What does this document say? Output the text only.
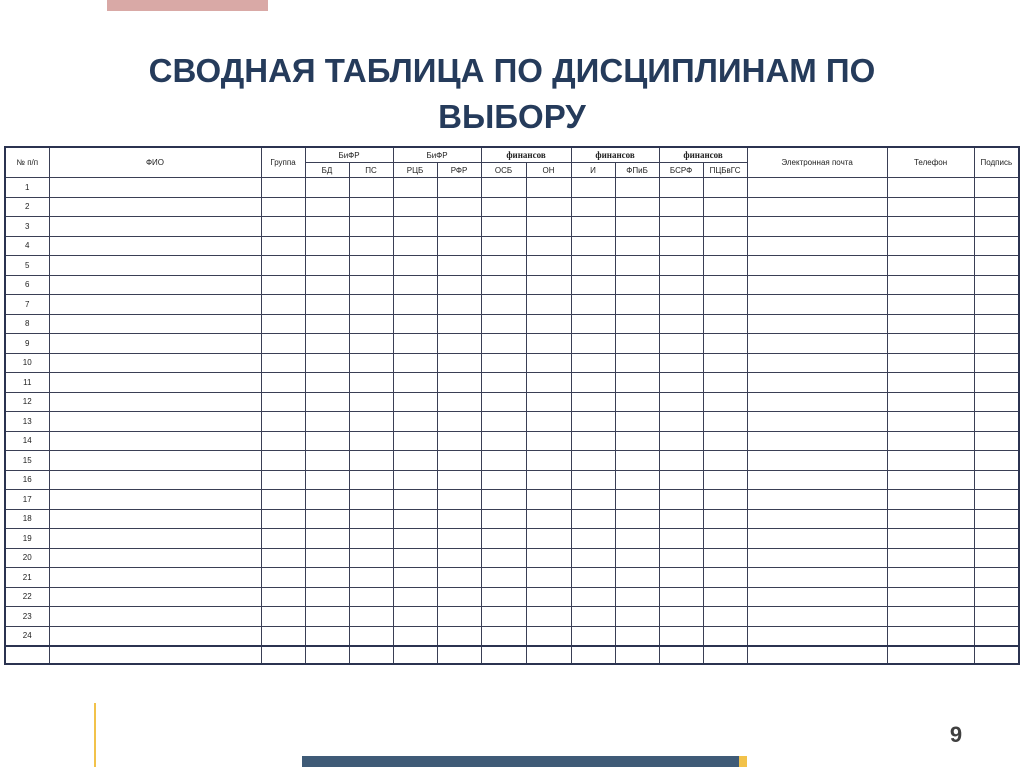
СВОДНАЯ ТАБЛИЦА ПО ДИСЦИПЛИНАМ ПО ВЫБОРУ
№ п/п	ФИО	Группа	БиФР		БиФР		финансов		финансов		финансов		Электронная почта	Телефон	Подпись
			БД	ПС	РЦБ	РФР	ОСБ	ОН	И	ФПиБ	БСРФ	ПЦБвГС			
1															
2															
3															
4															
5															
6															
7															
8															
9															
10															
11															
12															
13															
14															
15															
16															
17															
18															
19															
20															
21															
22															
23															
24															

9
